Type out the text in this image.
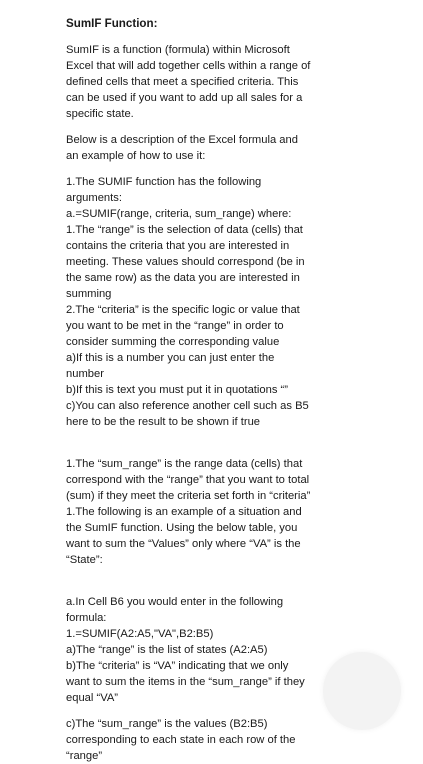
SumIF Function:
SumIF is a function (formula) within Microsoft
Excel that will add together cells within a range of
defined cells that meet a specified criteria. This
can be used if you want to add up all sales for a
specific state.
Below is a description of the Excel formula and
an example of how to use it:
1.The SUMIF function has the following
arguments:
a.=SUMIF(range, criteria, sum_range) where:
1.The “range” is the selection of data (cells) that
contains the criteria that you are interested in
meeting. These values should correspond (be in
the same row) as the data you are interested in
summing
2.The “criteria” is the specific logic or value that
you want to be met in the “range” in order to
consider summing the corresponding value
a)If this is a number you can just enter the
number
b)If this is text you must put it in quotations “”
c)You can also reference another cell such as B5
here to be the result to be shown if true
1.The “sum_range” is the range data (cells) that
correspond with the “range” that you want to total
(sum) if they meet the criteria set forth in “criteria”
1.The following is an example of a situation and
the SumIF function. Using the below table, you
want to sum the “Values” only where “VA” is the
“State”:
a.In Cell B6 you would enter in the following
formula:
1.=SUMIF(A2:A5,"VA",B2:B5)
a)The “range” is the list of states (A2:A5)
b)The “criteria” is “VA” indicating that we only
want to sum the items in the “sum_range” if they
equal “VA”
c)The “sum_range” is the values (B2:B5)
corresponding to each state in each row of the
“range”
